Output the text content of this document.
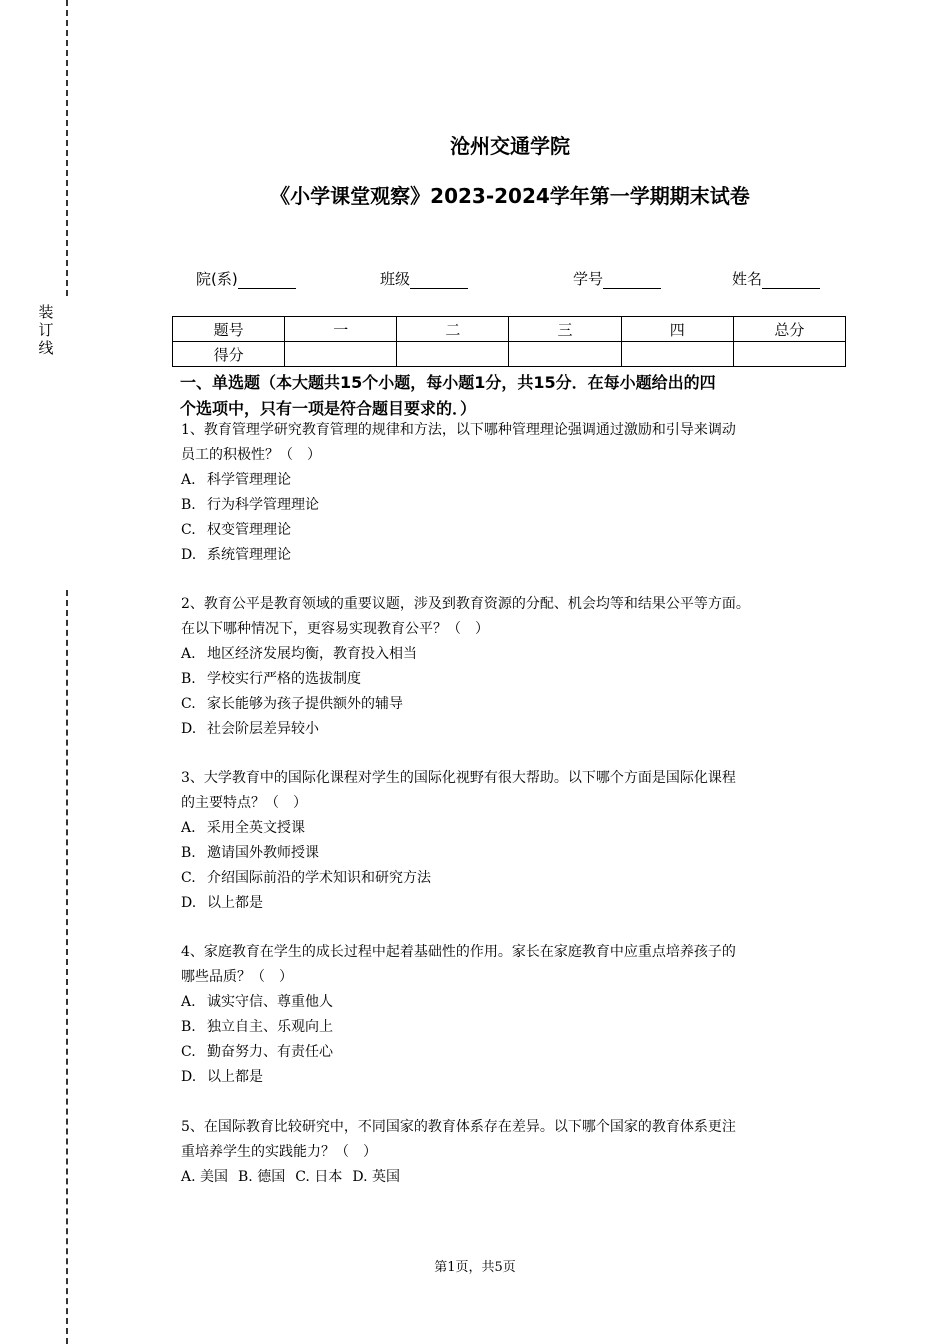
装
订
线
沧州交通学院
《小学课堂观察》2023-2024学年第一学期期末试卷
院(系)	班级	学号	姓名
题号	一	二	三	四	总分
得分					
一、单选题（本大题共15个小题，每小题1分，共15分．在每小题给出的四
个选项中，只有一项是符合题目要求的．）

1、教育管理学研究教育管理的规律和方法，以下哪种管理理论强调通过激励和引导来调动

员工的积极性？（　）

A. 科学管理理论

B. 行为科学管理理论

C. 权变管理理论

D. 系统管理理论

2、教育公平是教育领域的重要议题，涉及到教育资源的分配、机会均等和结果公平等方面。

在以下哪种情况下，更容易实现教育公平？（　）

A. 地区经济发展均衡，教育投入相当

B. 学校实行严格的选拔制度

C. 家长能够为孩子提供额外的辅导

D. 社会阶层差异较小

3、大学教育中的国际化课程对学生的国际化视野有很大帮助。以下哪个方面是国际化课程

的主要特点？（　）

A. 采用全英文授课

B. 邀请国外教师授课

C. 介绍国际前沿的学术知识和研究方法

D. 以上都是

4、家庭教育在学生的成长过程中起着基础性的作用。家长在家庭教育中应重点培养孩子的

哪些品质？（　）

A. 诚实守信、尊重他人

B. 独立自主、乐观向上

C. 勤奋努力、有责任心

D. 以上都是

5、在国际教育比较研究中，不同国家的教育体系存在差异。以下哪个国家的教育体系更注

重培养学生的实践能力？（　）

A. 美国 B. 德国 C. 日本 D. 英国

第1页，共5页
